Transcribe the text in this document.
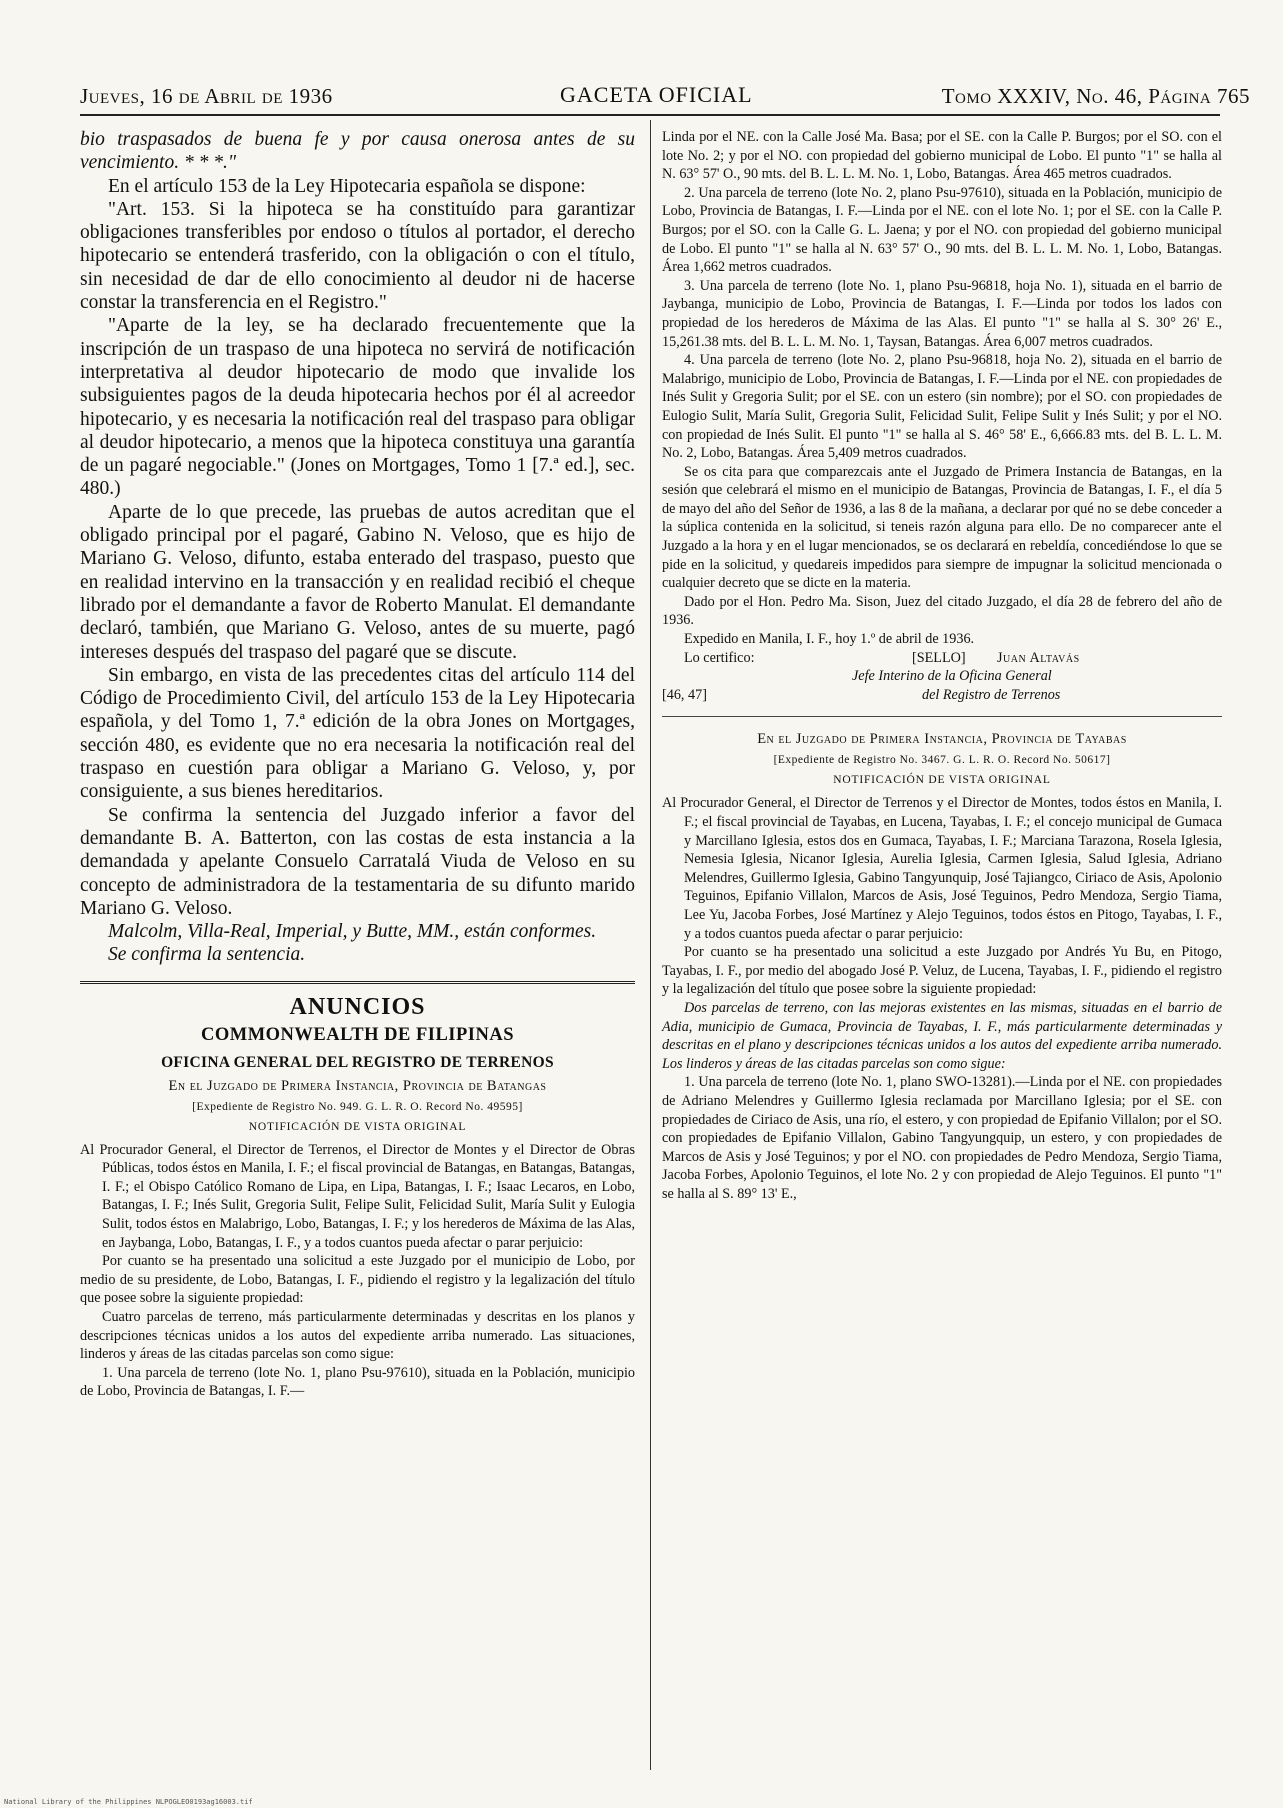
Jueves, 16 de Abril de 1936	GACETA OFICIAL	Tomo XXXIV, No. 46, Página 765

bio traspasados de buena fe y por causa onerosa antes de su vencimiento. * * *."

En el artículo 153 de la Ley Hipotecaria española se dispone:

"Art. 153. Si la hipoteca se ha constituído para garantizar obligaciones transferibles por endoso o títulos al portador, el derecho hipotecario se entenderá trasferido, con la obligación o con el título, sin necesidad de dar de ello conocimiento al deudor ni de hacerse constar la transferencia en el Registro."

"Aparte de la ley, se ha declarado frecuentemente que la inscripción de un traspaso de una hipoteca no servirá de notificación interpretativa al deudor hipotecario de modo que invalide los subsiguientes pagos de la deuda hipotecaria hechos por él al acreedor hipotecario, y es necesaria la notificación real del traspaso para obligar al deudor hipotecario, a menos que la hipoteca constituya una garantía de un pagaré negociable." (Jones on Mortgages, Tomo 1 [7.ª ed.], sec. 480.)

Aparte de lo que precede, las pruebas de autos acreditan que el obligado principal por el pagaré, Gabino N. Veloso, que es hijo de Mariano G. Veloso, difunto, estaba enterado del traspaso, puesto que en realidad intervino en la transacción y en realidad recibió el cheque librado por el demandante a favor de Roberto Manulat. El demandante declaró, también, que Mariano G. Veloso, antes de su muerte, pagó intereses después del traspaso del pagaré que se discute.

Sin embargo, en vista de las precedentes citas del artículo 114 del Código de Procedimiento Civil, del artículo 153 de la Ley Hipotecaria española, y del Tomo 1, 7.ª edición de la obra Jones on Mortgages, sección 480, es evidente que no era necesaria la notificación real del traspaso en cuestión para obligar a Mariano G. Veloso, y, por consiguiente, a sus bienes hereditarios.

Se confirma la sentencia del Juzgado inferior a favor del demandante B. A. Batterton, con las costas de esta instancia a la demandada y apelante Consuelo Carratalá Viuda de Veloso en su concepto de administradora de la testamentaria de su difunto marido Mariano G. Veloso.

Malcolm, Villa-Real, Imperial, y Butte, MM., están conformes.

Se confirma la sentencia.

ANUNCIOS

COMMONWEALTH DE FILIPINAS

OFICINA GENERAL DEL REGISTRO DE TERRENOS

En el Juzgado de Primera Instancia, Provincia de Batangas

[Expediente de Registro No. 949. G. L. R. O. Record No. 49595]

NOTIFICACIÓN DE VISTA ORIGINAL

Al Procurador General, el Director de Terrenos, el Director de Montes y el Director de Obras Públicas, todos éstos en Manila, I. F.; el fiscal provincial de Batangas, en Batangas, Batangas, I. F.; el Obispo Católico Romano de Lipa, en Lipa, Batangas, I. F.; Isaac Lecaros, en Lobo, Batangas, I. F.; Inés Sulit, Gregoria Sulit, Felipe Sulit, Felicidad Sulit, María Sulit y Eulogia Sulit, todos éstos en Malabrigo, Lobo, Batangas, I. F.; y los herederos de Máxima de las Alas, en Jaybanga, Lobo, Batangas, I. F., y a todos cuantos pueda afectar o parar perjuicio:

Por cuanto se ha presentado una solicitud a este Juzgado por el municipio de Lobo, por medio de su presidente, de Lobo, Batangas, I. F., pidiendo el registro y la legalización del título que posee sobre la siguiente propiedad:

Cuatro parcelas de terreno, más particularmente determinadas y descritas en los planos y descripciones técnicas unidos a los autos del expediente arriba numerado. Las situaciones, linderos y áreas de las citadas parcelas son como sigue:

1. Una parcela de terreno (lote No. 1, plano Psu-97610), situada en la Población, municipio de Lobo, Provincia de Batangas, I. F.—

Linda por el NE. con la Calle José Ma. Basa; por el SE. con la Calle P. Burgos; por el SO. con el lote No. 2; y por el NO. con propiedad del gobierno municipal de Lobo. El punto "1" se halla al N. 63° 57' O., 90 mts. del B. L. L. M. No. 1, Lobo, Batangas. Área 465 metros cuadrados.

2. Una parcela de terreno (lote No. 2, plano Psu-97610), situada en la Población, municipio de Lobo, Provincia de Batangas, I. F.—Linda por el NE. con el lote No. 1; por el SE. con la Calle P. Burgos; por el SO. con la Calle G. L. Jaena; y por el NO. con propiedad del gobierno municipal de Lobo. El punto "1" se halla al N. 63° 57' O., 90 mts. del B. L. L. M. No. 1, Lobo, Batangas. Área 1,662 metros cuadrados.

3. Una parcela de terreno (lote No. 1, plano Psu-96818, hoja No. 1), situada en el barrio de Jaybanga, municipio de Lobo, Provincia de Batangas, I. F.—Linda por todos los lados con propiedad de los herederos de Máxima de las Alas. El punto "1" se halla al S. 30° 26' E., 15,261.38 mts. del B. L. L. M. No. 1, Taysan, Batangas. Área 6,007 metros cuadrados.

4. Una parcela de terreno (lote No. 2, plano Psu-96818, hoja No. 2), situada en el barrio de Malabrigo, municipio de Lobo, Provincia de Batangas, I. F.—Linda por el NE. con propiedades de Inés Sulit y Gregoria Sulit; por el SE. con un estero (sin nombre); por el SO. con propiedades de Eulogio Sulit, María Sulit, Gregoria Sulit, Felicidad Sulit, Felipe Sulit y Inés Sulit; y por el NO. con propiedad de Inés Sulit. El punto "1" se halla al S. 46° 58' E., 6,666.83 mts. del B. L. L. M. No. 2, Lobo, Batangas. Área 5,409 metros cuadrados.

Se os cita para que comparezcais ante el Juzgado de Primera Instancia de Batangas, en la sesión que celebrará el mismo en el municipio de Batangas, Provincia de Batangas, I. F., el día 5 de mayo del año del Señor de 1936, a las 8 de la mañana, a declarar por qué no se debe conceder a la súplica contenida en la solicitud, si teneis razón alguna para ello. De no comparecer ante el Juzgado a la hora y en el lugar mencionados, se os declarará en rebeldía, concediéndose lo que se pide en la solicitud, y quedareis impedidos para siempre de impugnar la solicitud mencionada o cualquier decreto que se dicte en la materia.

Dado por el Hon. Pedro Ma. Sison, Juez del citado Juzgado, el día 28 de febrero del año de 1936.

Expedido en Manila, I. F., hoy 1.º de abril de 1936.

Lo certifico:	[SELLO] Juan Altavás
Jefe Interino de la Oficina General
[46, 47]	del Registro de Terrenos

En el Juzgado de Primera Instancia, Provincia de Tayabas

[Expediente de Registro No. 3467. G. L. R. O. Record No. 50617]

NOTIFICACIÓN DE VISTA ORIGINAL

Al Procurador General, el Director de Terrenos y el Director de Montes, todos éstos en Manila, I. F.; el fiscal provincial de Tayabas, en Lucena, Tayabas, I. F.; el concejo municipal de Gumaca y Marcillano Iglesia, estos dos en Gumaca, Tayabas, I. F.; Marciana Tarazona, Rosela Iglesia, Nemesia Iglesia, Nicanor Iglesia, Aurelia Iglesia, Carmen Iglesia, Salud Iglesia, Adriano Melendres, Guillermo Iglesia, Gabino Tangyunquip, José Tajiangco, Ciriaco de Asis, Apolonio Teguinos, Epifanio Villalon, Marcos de Asis, José Teguinos, Pedro Mendoza, Sergio Tiama, Lee Yu, Jacoba Forbes, José Martínez y Alejo Teguinos, todos éstos en Pitogo, Tayabas, I. F., y a todos cuantos pueda afectar o parar perjuicio:

Por cuanto se ha presentado una solicitud a este Juzgado por Andrés Yu Bu, en Pitogo, Tayabas, I. F., por medio del abogado José P. Veluz, de Lucena, Tayabas, I. F., pidiendo el registro y la legalización del título que posee sobre la siguiente propiedad:

Dos parcelas de terreno, con las mejoras existentes en las mismas, situadas en el barrio de Adia, municipio de Gumaca, Provincia de Tayabas, I. F., más particularmente determinadas y descritas en el plano y descripciones técnicas unidos a los autos del expediente arriba numerado. Los linderos y áreas de las citadas parcelas son como sigue:

1. Una parcela de terreno (lote No. 1, plano SWO-13281).—Linda por el NE. con propiedades de Adriano Melendres y Guillermo Iglesia reclamada por Marcillano Iglesia; por el SE. con propiedades de Ciriaco de Asis, una río, el estero, y con propiedad de Epifanio Villalon; por el SO. con propiedades de Epifanio Villalon, Gabino Tangyungquip, un estero, y con propiedades de Marcos de Asis y José Teguinos; y por el NO. con propiedades de Pedro Mendoza, Sergio Tiama, Jacoba Forbes, Apolonio Teguinos, el lote No. 2 y con propiedad de Alejo Teguinos. El punto "1" se halla al S. 89° 13' E.,

National Library of the Philippines NLPOGLEO0193ag16003.tif
